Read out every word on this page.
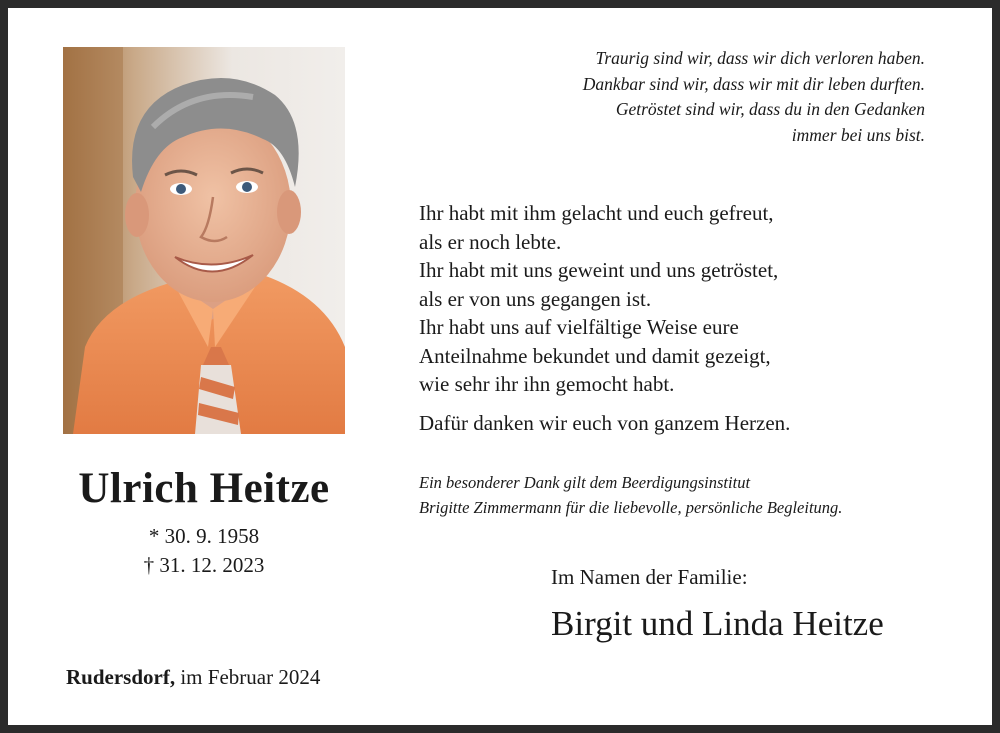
Ulrich Heitze
* 30. 9. 1958
† 31. 12. 2023
Rudersdorf, im Februar 2024
Traurig sind wir, dass wir dich verloren haben.
Dankbar sind wir, dass wir mit dir leben durften.
Getröstet sind wir, dass du in den Gedanken
immer bei uns bist.
Ihr habt mit ihm gelacht und euch gefreut,
als er noch lebte.
Ihr habt mit uns geweint und uns getröstet,
als er von uns gegangen ist.
Ihr habt uns auf vielfältige Weise eure
Anteilnahme bekundet und damit gezeigt,
wie sehr ihr ihn gemocht habt.
Dafür danken wir euch von ganzem Herzen.
Ein besonderer Dank gilt dem Beerdigungsinstitut
Brigitte Zimmermann für die liebevolle, persönliche Begleitung.
Im Namen der Familie:
Birgit und Linda Heitze
